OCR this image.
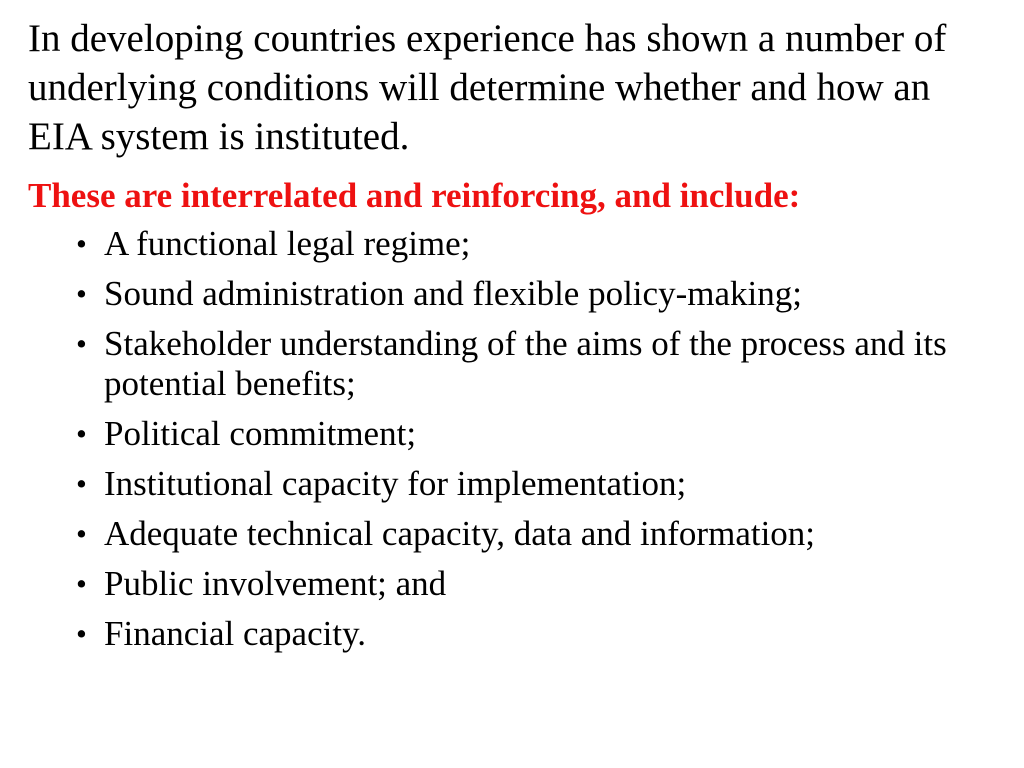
In developing countries experience has shown a number of underlying conditions will determine whether and how an EIA system is instituted.

These are interrelated and reinforcing, and include:

• A functional legal regime;
• Sound administration and flexible policy-making;
• Stakeholder understanding of the aims of the process and its potential benefits;
• Political commitment;
• Institutional capacity for implementation;
• Adequate technical capacity, data and information;
• Public involvement; and
• Financial capacity.
